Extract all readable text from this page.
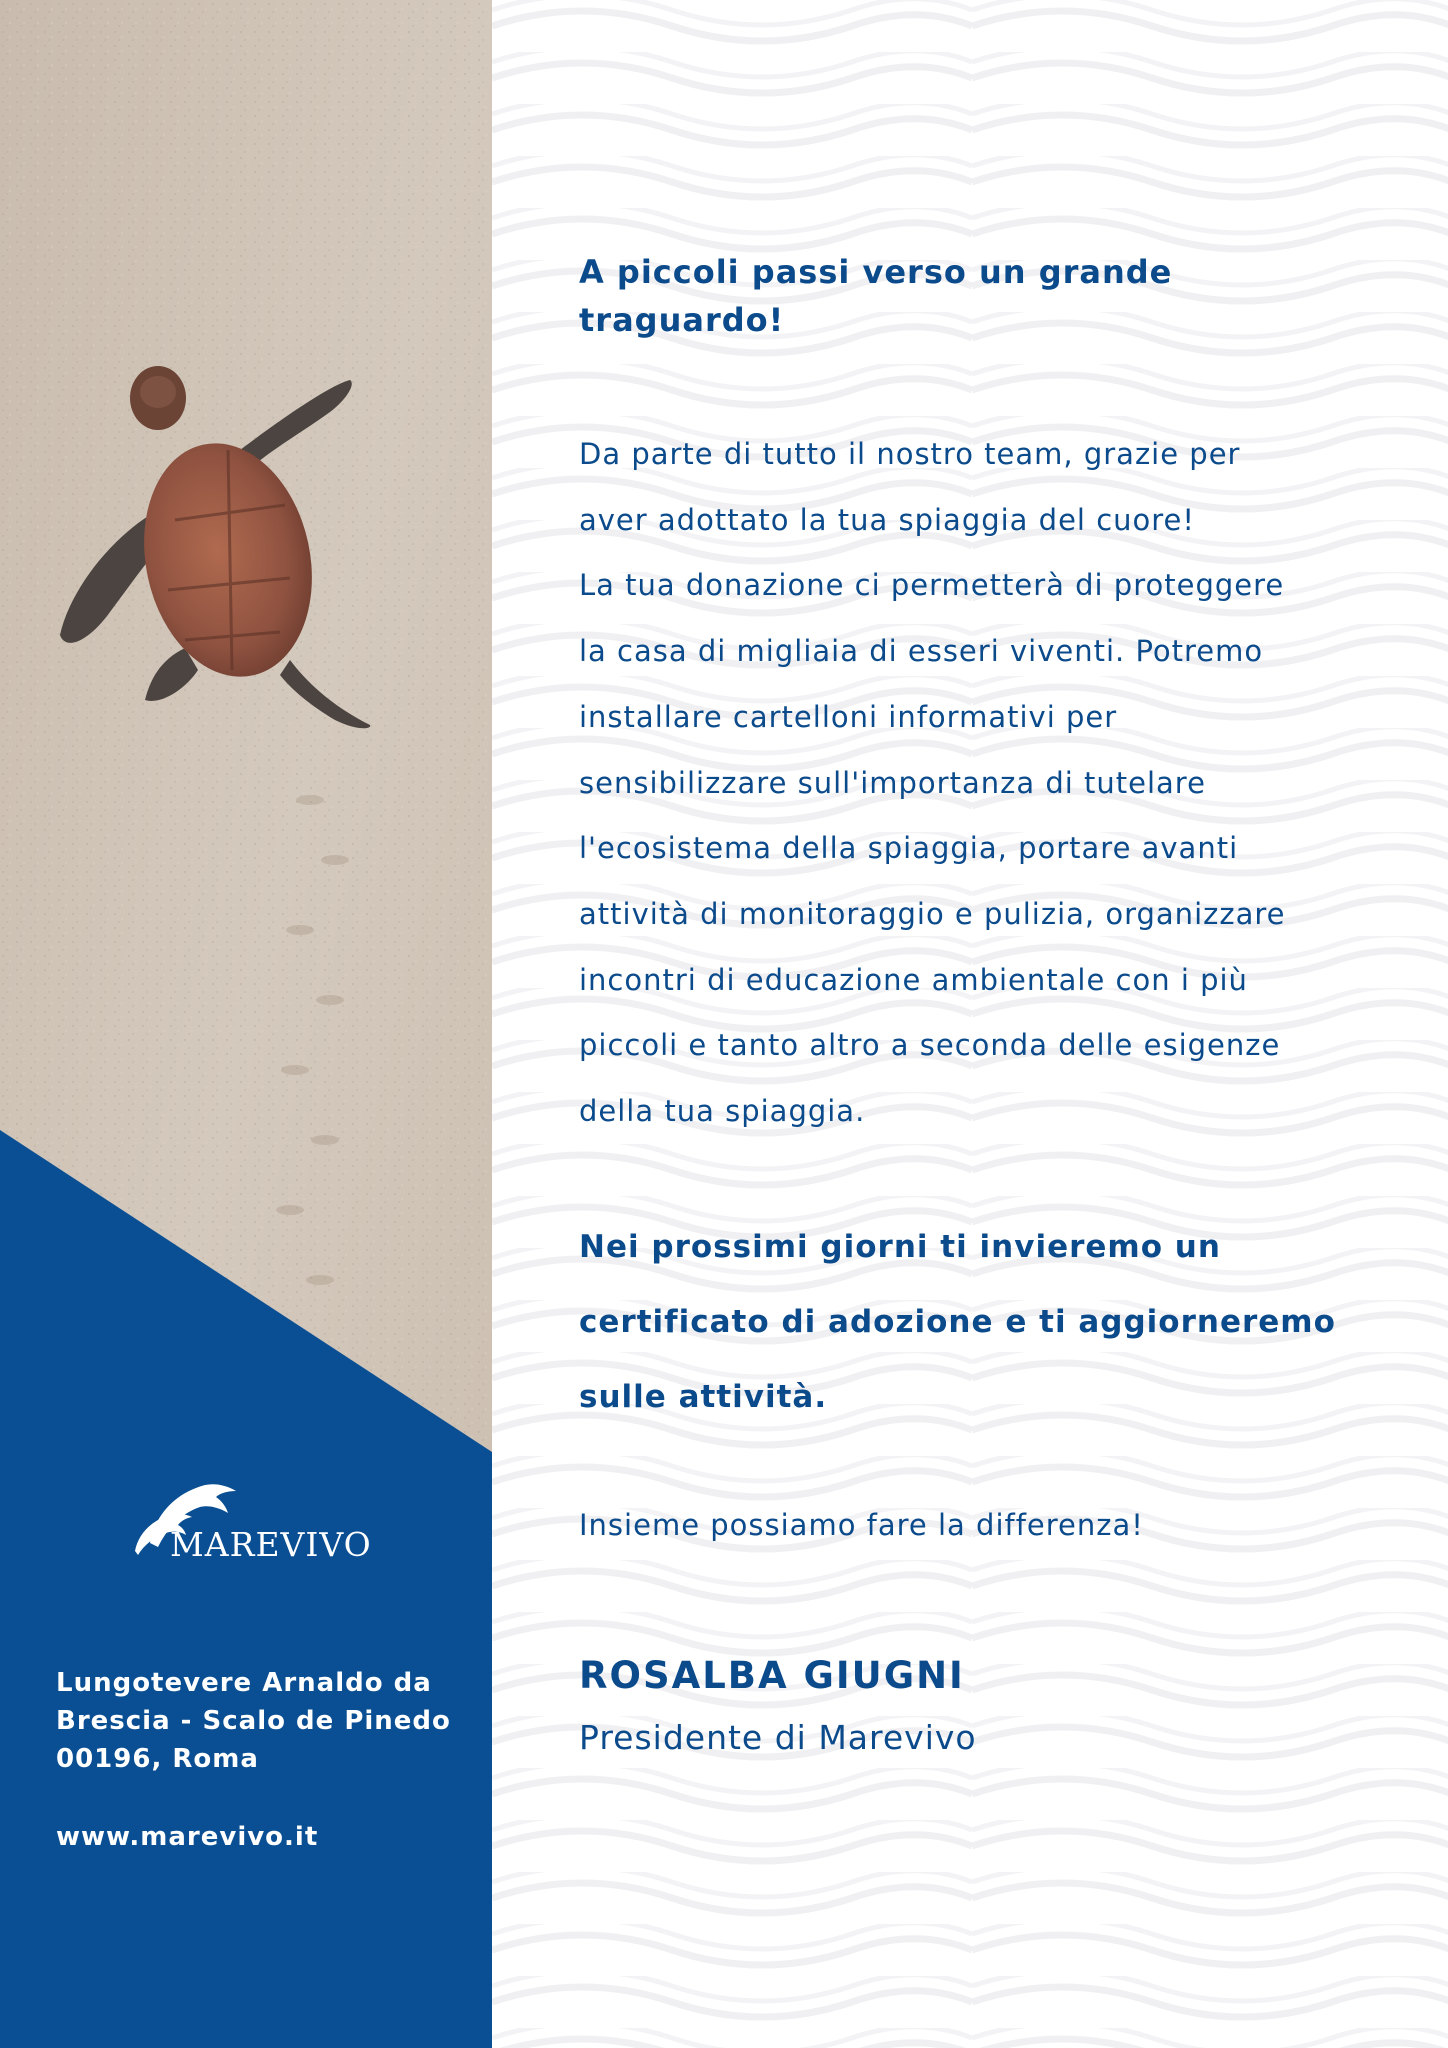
MAREVIVO
Lungotevere Arnaldo da
Brescia - Scalo de Pinedo
00196, Roma
www.marevivo.it
A piccoli passi verso un grande
traguardo!
Da parte di tutto il nostro team, grazie per
aver adottato la tua spiaggia del cuore!
La tua donazione ci permetterà di proteggere
la casa di migliaia di esseri viventi. Potremo
installare cartelloni informativi per
sensibilizzare sull'importanza di tutelare
l'ecosistema della spiaggia, portare avanti
attività di monitoraggio e pulizia, organizzare
incontri di educazione ambientale con i più
piccoli e tanto altro a seconda delle esigenze
della tua spiaggia.
Nei prossimi giorni ti invieremo un
certificato di adozione e ti aggiorneremo
sulle attività.
Insieme possiamo fare la differenza!
ROSALBA GIUGNI
Presidente di Marevivo
